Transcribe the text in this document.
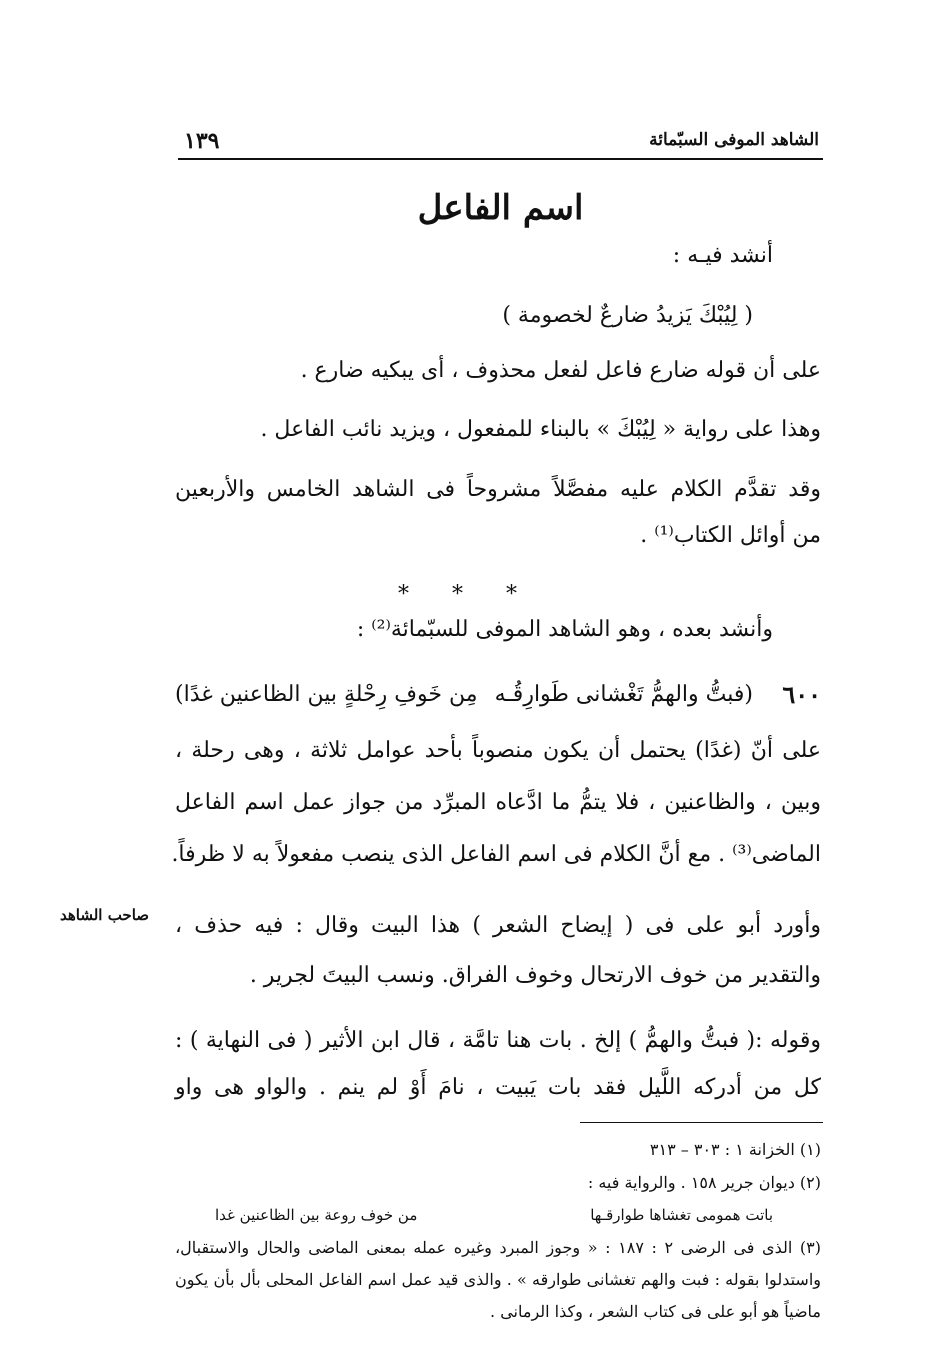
الشاهد الموفى السبّمائة
١٣٩
اسم الفاعل
أنشد فيـه :
( لِيُبْكَ يَزيدُ ضارعٌ لخصومة )
على أن قوله ضارع فاعل لفعل محذوف ، أى يبكيه ضارع .
وهذا على رواية « لِيُبْكَ » بالبناء للمفعول ، ويزيد نائب الفاعل .
وقد تقدَّم الكلام عليه مفصَّلاً مشروحاً فى الشاهد الخامس والأربعين
من أوائل الكتاب⁽¹⁾ .
* * *
وأنشد بعده ، وهو الشاهد الموفى للسبّمائة⁽²⁾ :
٦٠٠
(فبتُّ والهمُّ تَغْشانى طَوارِقُـه
مِن خَوفِ رِحْلةٍ بين الظاعنين غدًا)
على أنّ (غدًا) يحتمل أن يكون منصوباً بأحد عوامل ثلاثة ، وهى رحلة ،
وبين ، والظاعنين ، فلا يتمُّ ما ادَّعاه المبرِّد من جواز عمل اسم الفاعل
الماضى⁽³⁾ . مع أنَّ الكلام فى اسم الفاعل الذى ينصب مفعولاً به لا ظرفاً.
صاحب الشاهد وأورد أبو على فى ( إيضاح الشعر ) هذا البيت وقال : فيه حذف ،
والتقدير من خوف الارتحال وخوف الفراق. ونسب البيتَ لجرير .
وقوله :( فبتُّ والهمُّ ) إلخ . بات هنا تامَّة ، قال ابن الأثير ( فى النهاية ) :
كل من أدركه اللَّيل فقد بات يَبيت ، نامَ أَوْ لم ينم . والواو هى واو
(١) الخزانة ١ : ٣٠٣ – ٣١٣
(٢) ديوان جرير ١٥٨ . والرواية فيه :
باتت همومى تغشاها طوارقـها
من خوف روعة بين الظاعنين غدا
(٣) الذى فى الرضى ٢ : ١٨٧ : « وجوز المبرد وغيره عمله بمعنى الماضى والحال والاستقبال،
واستدلوا بقوله : فبت والهم تغشانى طوارقه » . والذى قيد عمل اسم الفاعل المحلى بأل بأن يكون
ماضياً هو أبو على فى كتاب الشعر ، وكذا الرمانى .
